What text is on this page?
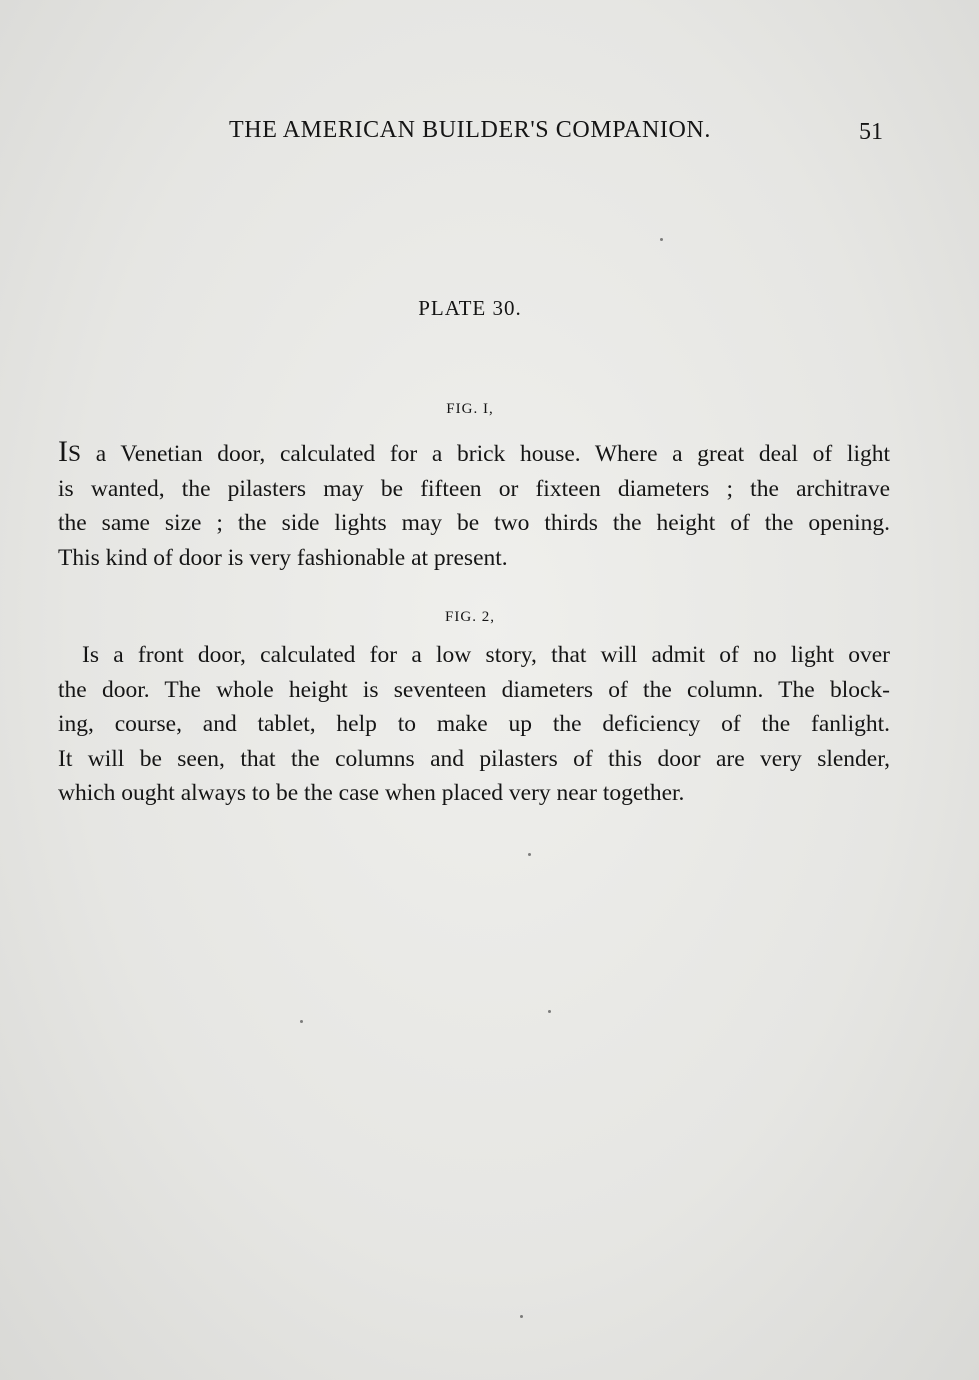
THE AMERICAN BUILDER'S COMPANION.	51
PLATE 30.
FIG. I,
IS a Venetian door, calculated for a brick house. Where a great deal of light
is wanted, the pilasters may be fifteen or fixteen diameters ; the architrave
the same size ; the side lights may be two thirds the height of the opening.
This kind of door is very fashionable at present.
FIG. 2,
Is a front door, calculated for a low story, that will admit of no light over
the door. The whole height is seventeen diameters of the column. The block-
ing, course, and tablet, help to make up the deficiency of the fanlight.
It will be seen, that the columns and pilasters of this door are very slender,
which ought always to be the case when placed very near together.
